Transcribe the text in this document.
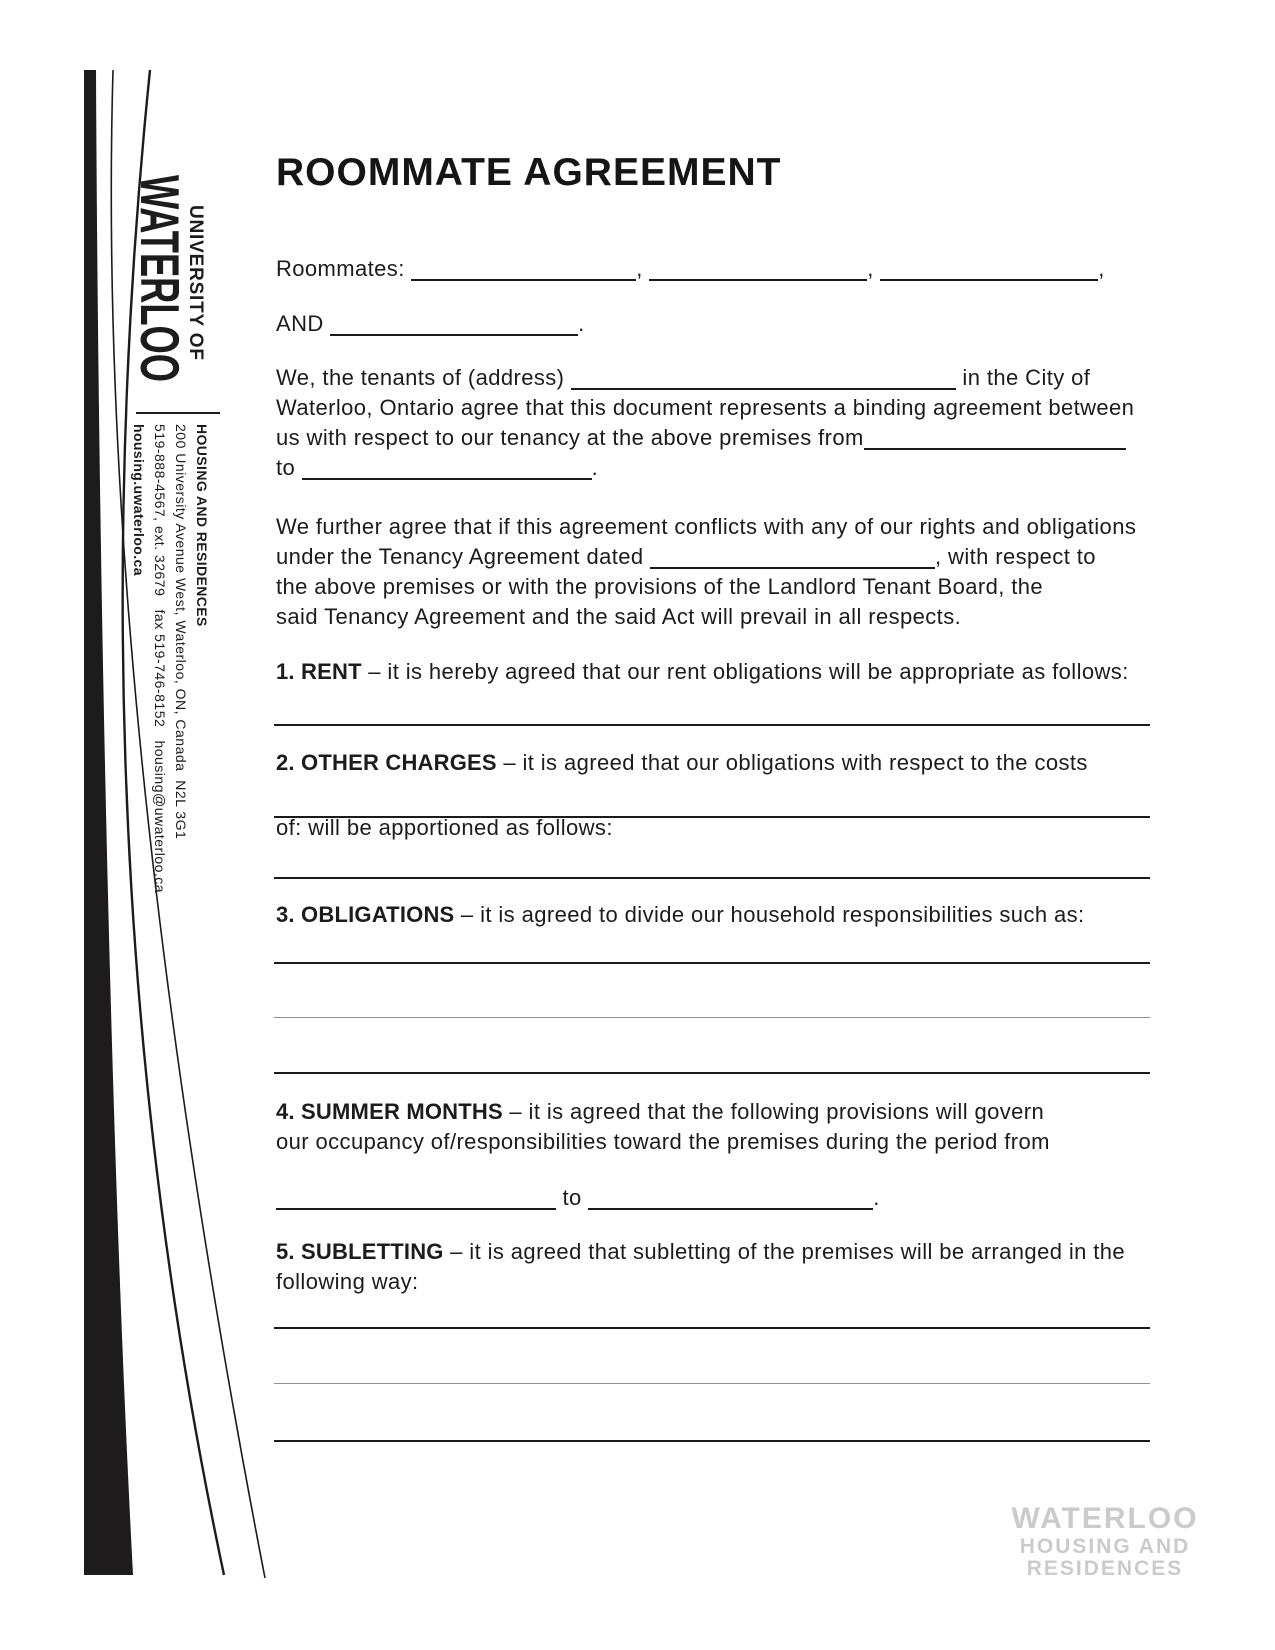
UNIVERSITY OF
WATERLOO
HOUSING AND RESIDENCES
200 University Avenue West, Waterloo, ON, Canada  N2L 3G1
519-888-4567, ext. 32679   fax 519-746-8152   housing@uwaterloo.ca
housing.uwaterloo.ca
ROOMMATE AGREEMENT
Roommates:	,	,	,
AND	.
We, the tenants of (address)	in the City of
Waterloo, Ontario agree that this document represents a binding agreement between
us with respect to our tenancy at the above premises from
to	.
We further agree that if this agreement conflicts with any of our rights and obligations
under the Tenancy Agreement dated	, with respect to
the above premises or with the provisions of the Landlord Tenant Board, the
said Tenancy Agreement and the said Act will prevail in all respects.
1. RENT – it is hereby agreed that our rent obligations will be appropriate as follows:
2. OTHER CHARGES – it is agreed that our obligations with respect to the costs
of: will be apportioned as follows:
3. OBLIGATIONS – it is agreed to divide our household responsibilities such as:
4. SUMMER MONTHS – it is agreed that the following provisions will govern
our occupancy of/responsibilities toward the premises during the period from
to	.
5. SUBLETTING – it is agreed that subletting of the premises will be arranged in the
following way:
WATERLOO
HOUSING AND
RESIDENCES
